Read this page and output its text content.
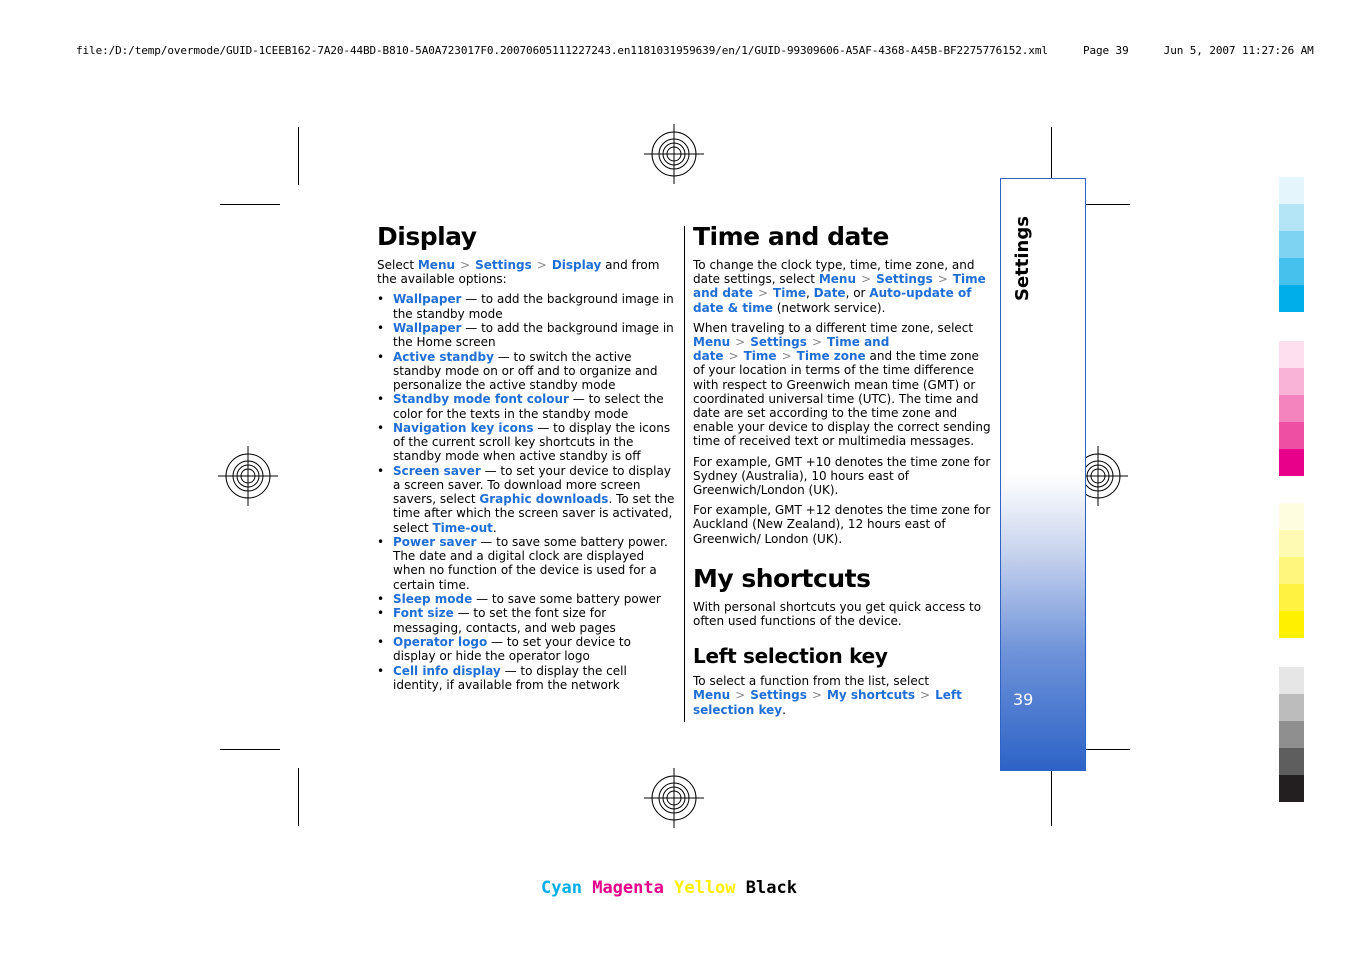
file:/D:/temp/overmode/GUID-1CEEB162-7A20-44BD-B810-5A0A723017F0.20070605111227243.en1181031959639/en/1/GUID-99309606-A5AF-4368-A45B-BF2275776152.xml	Page 39	Jun 5, 2007 11:27:26 AM
Display

Select Menu > Settings > Display and from the available options:

• Wallpaper — to add the background image in the standby mode
• Wallpaper — to add the background image in the Home screen
• Active standby — to switch the active standby mode on or off and to organize and personalize the active standby mode
• Standby mode font colour — to select the color for the texts in the standby mode
• Navigation key icons — to display the icons of the current scroll key shortcuts in the standby mode when active standby is off
• Screen saver — to set your device to display a screen saver. To download more screen savers, select Graphic downloads. To set the time after which the screen saver is activated, select Time-out.
• Power saver — to save some battery power. The date and a digital clock are displayed when no function of the device is used for a certain time.
• Sleep mode — to save some battery power
• Font size — to set the font size for messaging, contacts, and web pages
• Operator logo — to set your device to display or hide the operator logo
• Cell info display — to display the cell identity, if available from the network
Time and date

To change the clock type, time, time zone, and date settings, select Menu > Settings > Time and date > Time, Date, or Auto-update of date & time (network service).

When traveling to a different time zone, select Menu > Settings > Time and date > Time > Time zone and the time zone of your location in terms of the time difference with respect to Greenwich mean time (GMT) or coordinated universal time (UTC). The time and date are set according to the time zone and enable your device to display the correct sending time of received text or multimedia messages.

For example, GMT +10 denotes the time zone for Sydney (Australia), 10 hours east of Greenwich/London (UK).

For example, GMT +12 denotes the time zone for Auckland (New Zealand), 12 hours east of Greenwich/ London (UK).

My shortcuts

With personal shortcuts you get quick access to often used functions of the device.

Left selection key

To select a function from the list, select Menu > Settings > My shortcuts > Left selection key.

Settings
39
Cyan Magenta Yellow Black
